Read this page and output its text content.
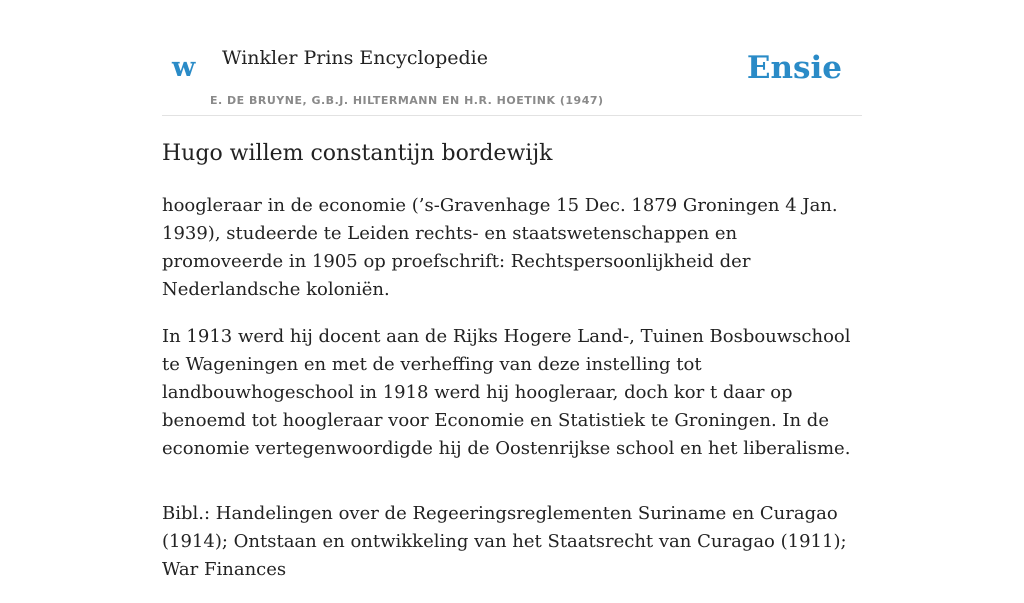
w Winkler Prins Encyclopedie
E. DE BRUYNE, G.B.J. HILTERMANN EN H.R. HOETINK (1947)
Ensie
Hugo willem constantijn bordewijk

hoogleraar in de economie (’s-Gravenhage 15 Dec. 1879 Groningen 4 Jan. 1939), studeerde te Leiden rechts- en staatswetenschappen en promoveerde in 1905 op proefschrift: Rechtspersoonlijkheid der Nederlandsche koloniën.

In 1913 werd hij docent aan de Rijks Hogere Land-, Tuinen Bosbouwschool te Wageningen en met de verheffing van deze instelling tot landbouwhogeschool in 1918 werd hij hoogleraar, doch kor t daar op benoemd tot hoogleraar voor Economie en Statistiek te Groningen. In de economie vertegenwoordigde hij de Oostenrijkse school en het liberalisme.

Bibl.: Handelingen over de Regeeringsreglementen Suriname en Curagao (1914); Ontstaan en ontwikkeling van het Staatsrecht van Curagao (1911); War Finances
